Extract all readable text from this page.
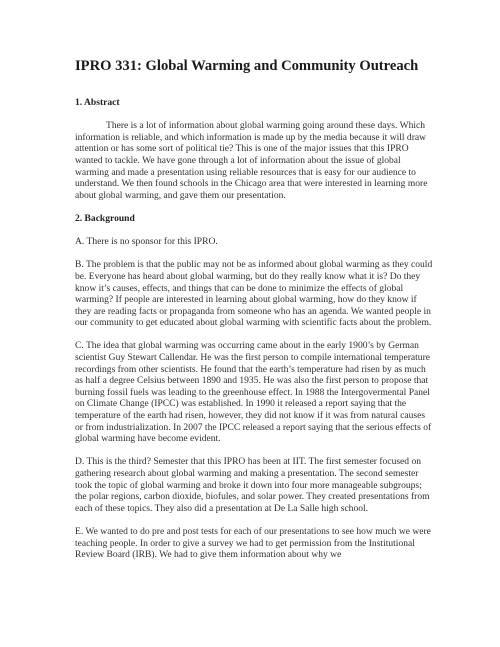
IPRO 331: Global Warming and Community Outreach

1. Abstract

There is a lot of information about global warming going around these days. Which information is reliable, and which information is made up by the media because it will draw attention or has some sort of political tie? This is one of the major issues that this IPRO wanted to tackle. We have gone through a lot of information about the issue of global warming and made a presentation using reliable resources that is easy for our audience to understand. We then found schools in the Chicago area that were interested in learning more about global warming, and gave them our presentation.

2. Background

A. There is no sponsor for this IPRO.

B. The problem is that the public may not be as informed about global warming as they could be. Everyone has heard about global warming, but do they really know what it is? Do they know it’s causes, effects, and things that can be done to minimize the effects of global warming? If people are interested in learning about global warming, how do they know if they are reading facts or propaganda from someone who has an agenda. We wanted people in our community to get educated about global warming with scientific facts about the problem.

C. The idea that global warming was occurring came about in the early 1900’s by German scientist Guy Stewart Callendar. He was the first person to compile international temperature recordings from other scientists. He found that the earth’s temperature had risen by as much as half a degree Celsius between 1890 and 1935. He was also the first person to propose that burning fossil fuels was leading to the greenhouse effect. In 1988 the Intergovermental Panel on Climate Change (IPCC) was established. In 1990 it released a report saying that the temperature of the earth had risen, however, they did not know if it was from natural causes or from industrialization. In 2007 the IPCC released a report saying that the serious effects of global warming have become evident.

D. This is the third? Semester that this IPRO has been at IIT. The first semester focused on gathering research about global warming and making a presentation. The second semester took the topic of global warming and broke it down into four more manageable subgroups; the polar regions, carbon dioxide, biofules, and solar power. They created presentations from each of these topics. They also did a presentation at De La Salle high school.

E. We wanted to do pre and post tests for each of our presentations to see how much we were teaching people. In order to give a survey we had to get permission from the Institutional Review Board (IRB). We had to give them information about why we
